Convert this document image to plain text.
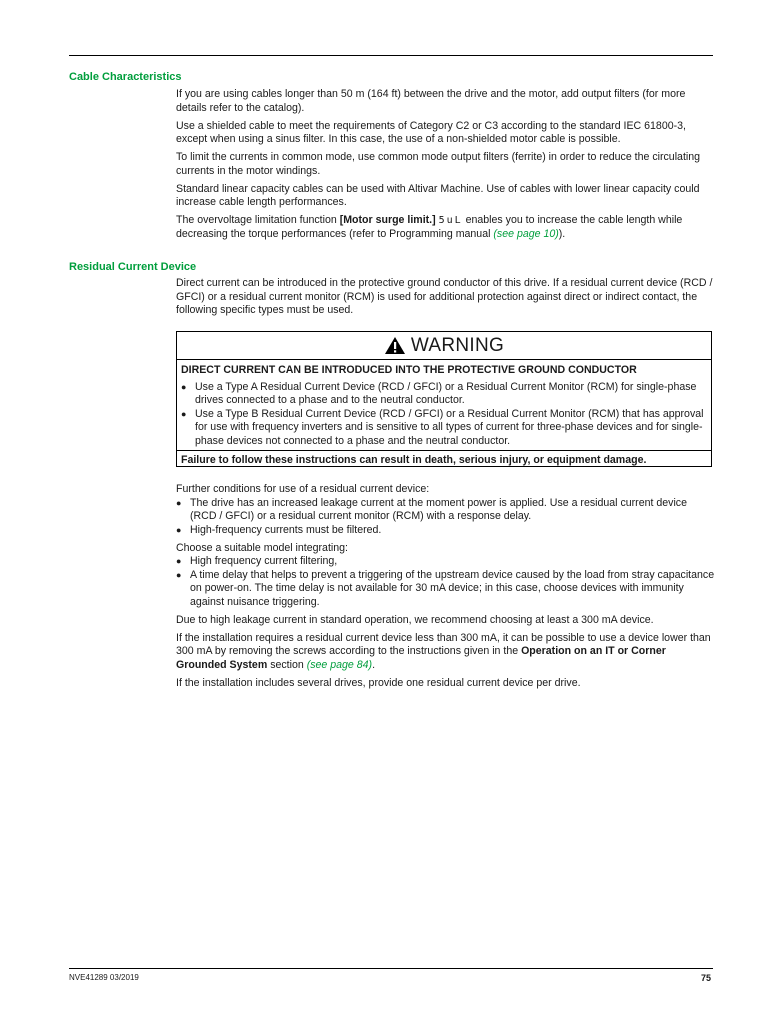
Cable Characteristics

If you are using cables longer than 50 m (164 ft) between the drive and the motor, add output filters (for more details refer to the catalog).

Use a shielded cable to meet the requirements of Category C2 or C3 according to the standard IEC 61800-3, except when using a sinus filter. In this case, the use of a non-shielded motor cable is possible.

To limit the currents in common mode, use common mode output filters (ferrite) in order to reduce the circulating currents in the motor windings.

Standard linear capacity cables can be used with Altivar Machine. Use of cables with lower linear capacity could increase cable length performances.

The overvoltage limitation function [Motor surge limit.] 5uL enables you to increase the cable length while decreasing the torque performances (refer to Programming manual (see page 10)).

Residual Current Device

Direct current can be introduced in the protective ground conductor of this drive. If a residual current device (RCD / GFCI) or a residual current monitor (RCM) is used for additional protection against direct or indirect contact, the following specific types must be used.

WARNING
DIRECT CURRENT CAN BE INTRODUCED INTO THE PROTECTIVE GROUND CONDUCTOR
● Use a Type A Residual Current Device (RCD / GFCI) or a Residual Current Monitor (RCM) for single-phase drives connected to a phase and to the neutral conductor.
● Use a Type B Residual Current Device (RCD / GFCI) or a Residual Current Monitor (RCM) that has approval for use with frequency inverters and is sensitive to all types of current for three-phase devices and for single-phase devices not connected to a phase and the neutral conductor.
Failure to follow these instructions can result in death, serious injury, or equipment damage.

Further conditions for use of a residual current device:

● The drive has an increased leakage current at the moment power is applied. Use a residual current device (RCD / GFCI) or a residual current monitor (RCM) with a response delay.
● High-frequency currents must be filtered.

Choose a suitable model integrating:

● High frequency current filtering,
● A time delay that helps to prevent a triggering of the upstream device caused by the load from stray capacitance on power-on. The time delay is not available for 30 mA device; in this case, choose devices with immunity against nuisance triggering.

Due to high leakage current in standard operation, we recommend choosing at least a 300 mA device.

If the installation requires a residual current device less than 300 mA, it can be possible to use a device lower than 300 mA by removing the screws according to the instructions given in the Operation on an IT or Corner Grounded System section (see page 84).

If the installation includes several drives, provide one residual current device per drive.

NVE41289 03/2019	75
